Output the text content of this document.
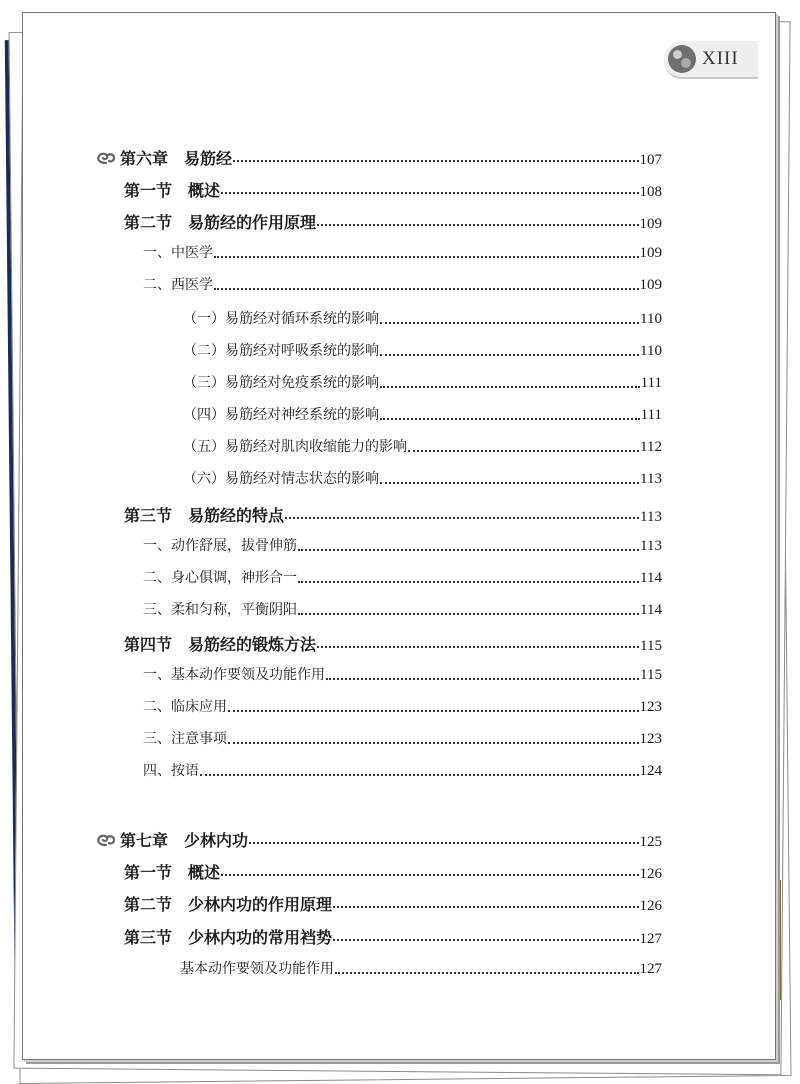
XIII
第六章　易筋经	107
第一节　概述	108
第二节　易筋经的作用原理	109
一、中医学	109
二、西医学	109
（一）易筋经对循环系统的影响	110
（二）易筋经对呼吸系统的影响	110
（三）易筋经对免疫系统的影响	111
（四）易筋经对神经系统的影响	111
（五）易筋经对肌肉收缩能力的影响	112
（六）易筋经对情志状态的影响	113
第三节　易筋经的特点	113
一、动作舒展，拔骨伸筋	113
二、身心俱调，神形合一	114
三、柔和匀称，平衡阴阳	114
第四节　易筋经的锻炼方法	115
一、基本动作要领及功能作用	115
二、临床应用	123
三、注意事项	123
四、按语	124
第七章　少林内功	125
第一节　概述	126
第二节　少林内功的作用原理	126
第三节　少林内功的常用裆势	127
基本动作要领及功能作用	127
